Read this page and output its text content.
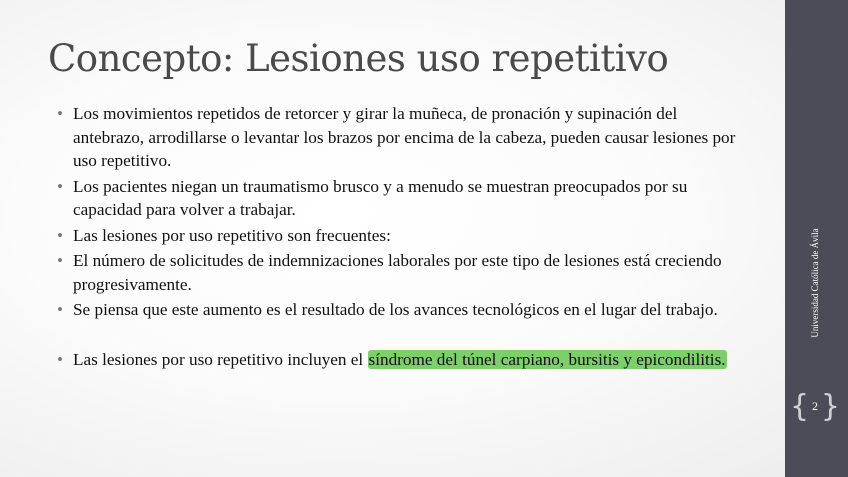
Concepto: Lesiones uso repetitivo
• Los movimientos repetidos de retorcer y girar la muñeca, de pronación y supinación del antebrazo, arrodillarse o levantar los brazos por encima de la cabeza, pueden causar lesiones por uso repetitivo.
• Los pacientes niegan un traumatismo brusco y a menudo se muestran preocupados por su capacidad para volver a trabajar.
• Las lesiones por uso repetitivo son frecuentes:
• El número de solicitudes de indemnizaciones laborales por este tipo de lesiones está creciendo progresivamente.
• Se piensa que este aumento es el resultado de los avances tecnológicos en el lugar del trabajo.
• Las lesiones por uso repetitivo incluyen el síndrome del túnel carpiano, bursitis y epicondilitis.
Universidad Católica de Ávila
{ 2 }
